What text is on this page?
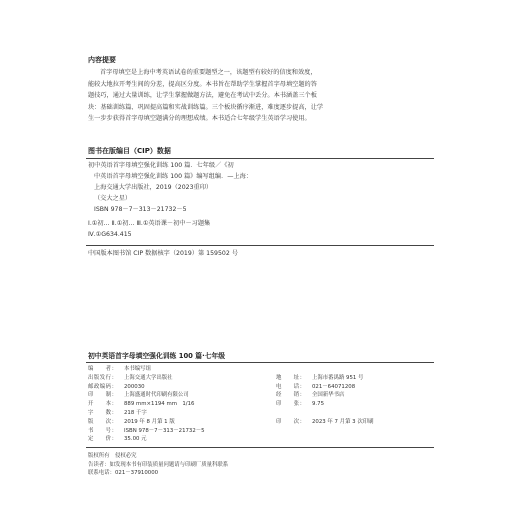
内容提要
首字母填空是上海中考英语试卷的重要题型之一，该题型有较好的信度和效度，
能较大地拉开考生间的分差，提高区分度。本书旨在帮助学生掌握首字母填空题的答
题技巧，通过大量训练，让学生掌握做题方法，避免在考试中丢分。本书涵盖三个板
块：基础训练篇、巩固提高篇和实战训练篇。三个板块循序渐进，难度逐步提高，让学
生一步步获得首字母填空题满分的理想成绩。本书适合七年级学生英语学习使用。
图书在版编目（CIP）数据
初中英语首字母填空强化训练 100 篇．七年级／《初
中英语首字母填空强化训练 100 篇》编写组编．—上海：
上海交通大学出版社，2019（2023重印）
（交大之星）
ISBN 978－7－313－21732－5
Ⅰ.①初… Ⅱ.①初… Ⅲ.①英语课－初中－习题集
Ⅳ.①G634.415
中国版本图书馆 CIP 数据核字（2019）第 159502 号
初中英语首字母填空强化训练 100 篇·七年级
编　　者： 本书编写组
出版发行： 上海交通大学出版社
邮政编码： 200030
印　　制： 上海盛通时代印刷有限公司
开　　本： 889 mm×1194 mm　1/16
字　　数： 218 千字
版　　次： 2019 年 8 月第 1 版
书　　号： ISBN 978－7－313－21732－5
定　　价： 35.00 元
地　　址： 上海市番禺路 951 号
电　　话： 021－64071208
经　　销： 全国新华书店
印　　张： 9.75
印　　次： 2023 年 7 月第 3 次印刷
版权所有　侵权必究
告读者：如发现本书有印装质量问题请与印刷厂质量科联系
联系电话：021－37910000
